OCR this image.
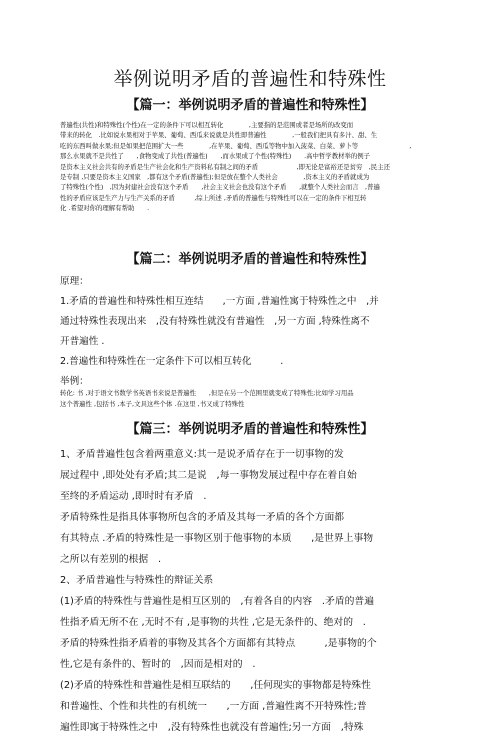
举例说明矛盾的普遍性和特殊性
【篇一：举例说明矛盾的普遍性和特殊性】
普遍性(共性)和特殊性(个性)在一定的条件下可以相互转化　　　　,主要指的是范围或者是场所的改变而
带来的转化　.比如说水果相对于苹果、葡萄、西瓜来说就是共性即普遍性　　　　,一般我们把具有多汁、甜、生
吃的东西叫做水果;但是如果把范围扩大一些　　　　,在苹果、葡萄、西瓜等物中加入菠菜、白菜、萝卜等　　　　　　　　,
那么水果就不是共性了　　,食物变成了共性(普遍性)　　,而水果成了个性(特殊性)　　.高中哲学教材举的例子
是资本主义社会共有的矛盾是生产社会化和生产资料私有制之间的矛盾　　　　　　,即无论是富裕还是贫穷　,民主还
是专制 ,只要是资本主义国家　,都有这个矛盾(普遍性);但是放在整个人类社会　　　　,资本主义的矛盾就成为
了特殊性(个性)　,因为封建社会没有这个矛盾　　,社会主义社会也没有这个矛盾　　,就整个人类社会而言　,普遍
性的矛盾应该是生产力与生产关系的矛盾　　　,综上所述 ,矛盾的普遍性与特殊性可以在一定的条件下相互转
化 .希望对你的理解有帮助　　.
【篇二：举例说明矛盾的普遍性和特殊性】
原理：
1.矛盾的普遍性和特殊性相互连结　　,一方面 ,普遍性寓于特殊性之中　,并
通过特殊性表现出来　,没有特殊性就没有普遍性　,另一方面 ,特殊性离不
开普遍性 .
2.普遍性和特殊性在一定条件下可以相互转化　　　.
举例：
转化: 书 ,对于语文书数学书英语书来说是普遍性　　,但是在另一个范围里就变成了特殊性;比如学习用品
这个普遍性 ,包括书 ,本子,文具这些个体 .在这里 ,书又成了特殊性
【篇三：举例说明矛盾的普遍性和特殊性】
1、矛盾普遍性包含着两重意义:其一是说矛盾存在于一切事物的发
展过程中 ,即处处有矛盾;其二是说　,每一事物发展过程中存在着自始
至终的矛盾运动 ,即时时有矛盾　.
矛盾特殊性是指具体事物所包含的矛盾及其每一矛盾的各个方面都
有其特点 .矛盾的特殊性是一事物区别于他事物的本质　　,是世界上事物
之所以有差别的根据　.
2、矛盾普遍性与特殊性的辩证关系
(1)矛盾的特殊性与普遍性是相互区别的　,有着各自的内容　.矛盾的普遍
性指矛盾无所不在 ,无时不有 ,是事物的共性 ,它是无条件的、绝对的　.
矛盾的特殊性指矛盾着的事物及其各个方面都有其特点　　　,是事物的个
性,它是有条件的、暂时的　,因而是相对的　.
(2)矛盾的特殊性和普遍性是相互联结的　　,任何现实的事物都是特殊性
和普遍性、个性和共性的有机统一　　,一方面 ,普遍性离不开特殊性;普
遍性即寓于特殊性之中　,没有特殊性也就没有普遍性;另一方面　,特殊
